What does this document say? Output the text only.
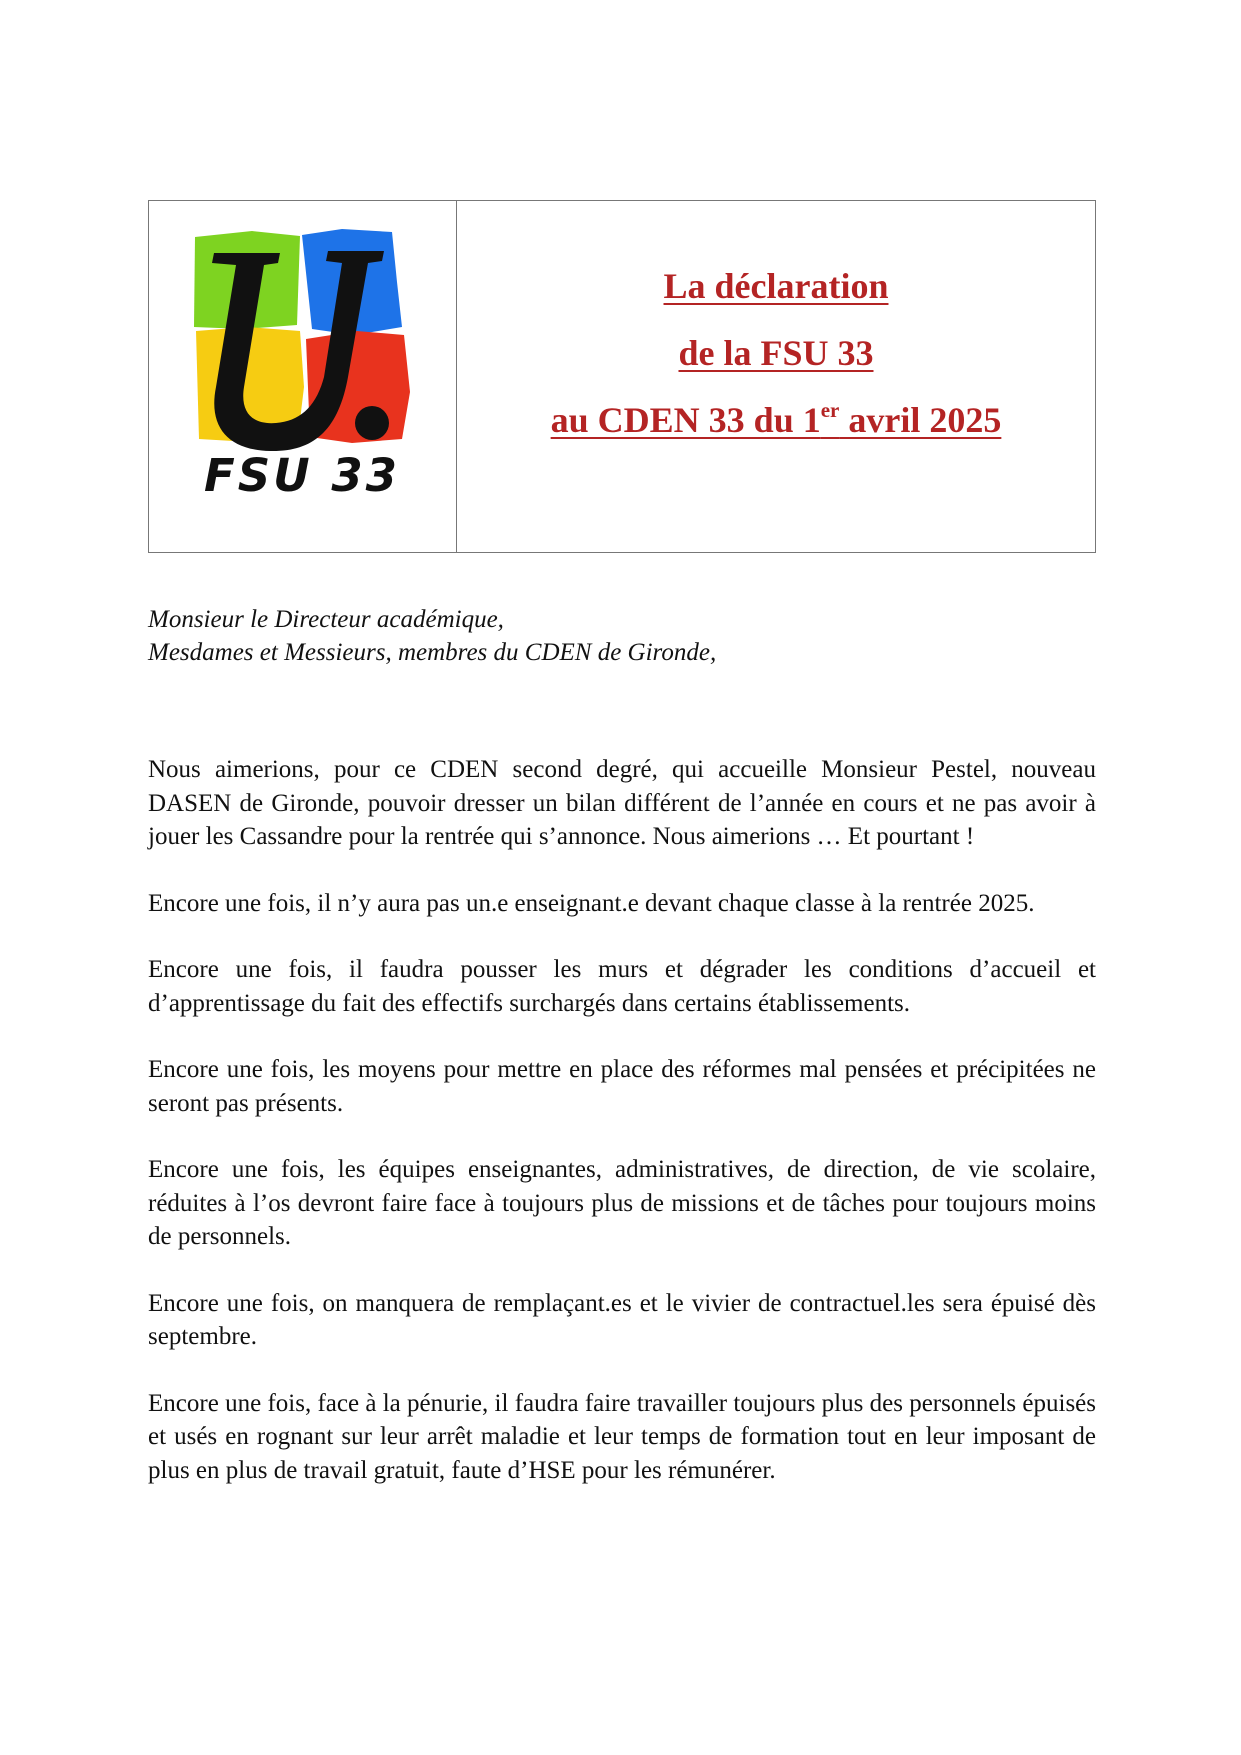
FSU 33
La déclaration
de la FSU 33
au CDEN 33 du 1er avril 2025
Monsieur le Directeur académique,
Mesdames et Messieurs, membres du CDEN de Gironde,

Nous aimerions, pour ce CDEN second degré, qui accueille Monsieur Pestel, nouveau DASEN de Gironde, pouvoir dresser un bilan différent de l’année en cours et ne pas avoir à jouer les Cassandre pour la rentrée qui s’annonce. Nous aimerions … Et pourtant !

Encore une fois, il n’y aura pas un.e enseignant.e devant chaque classe à la rentrée 2025.

Encore une fois, il faudra pousser les murs et dégrader les conditions d’accueil et d’apprentissage du fait des effectifs surchargés dans certains établissements.

Encore une fois, les moyens pour mettre en place des réformes mal pensées et précipitées ne seront pas présents.

Encore une fois, les équipes enseignantes, administratives, de direction, de vie scolaire, réduites à l’os devront faire face à toujours plus de missions et de tâches pour toujours moins de personnels.

Encore une fois, on manquera de remplaçant.es et le vivier de contractuel.les sera épuisé dès septembre.

Encore une fois, face à la pénurie, il faudra faire travailler toujours plus des personnels épuisés et usés en rognant sur leur arrêt maladie et leur temps de formation tout en leur imposant de plus en plus de travail gratuit, faute d’HSE pour les rémunérer.
